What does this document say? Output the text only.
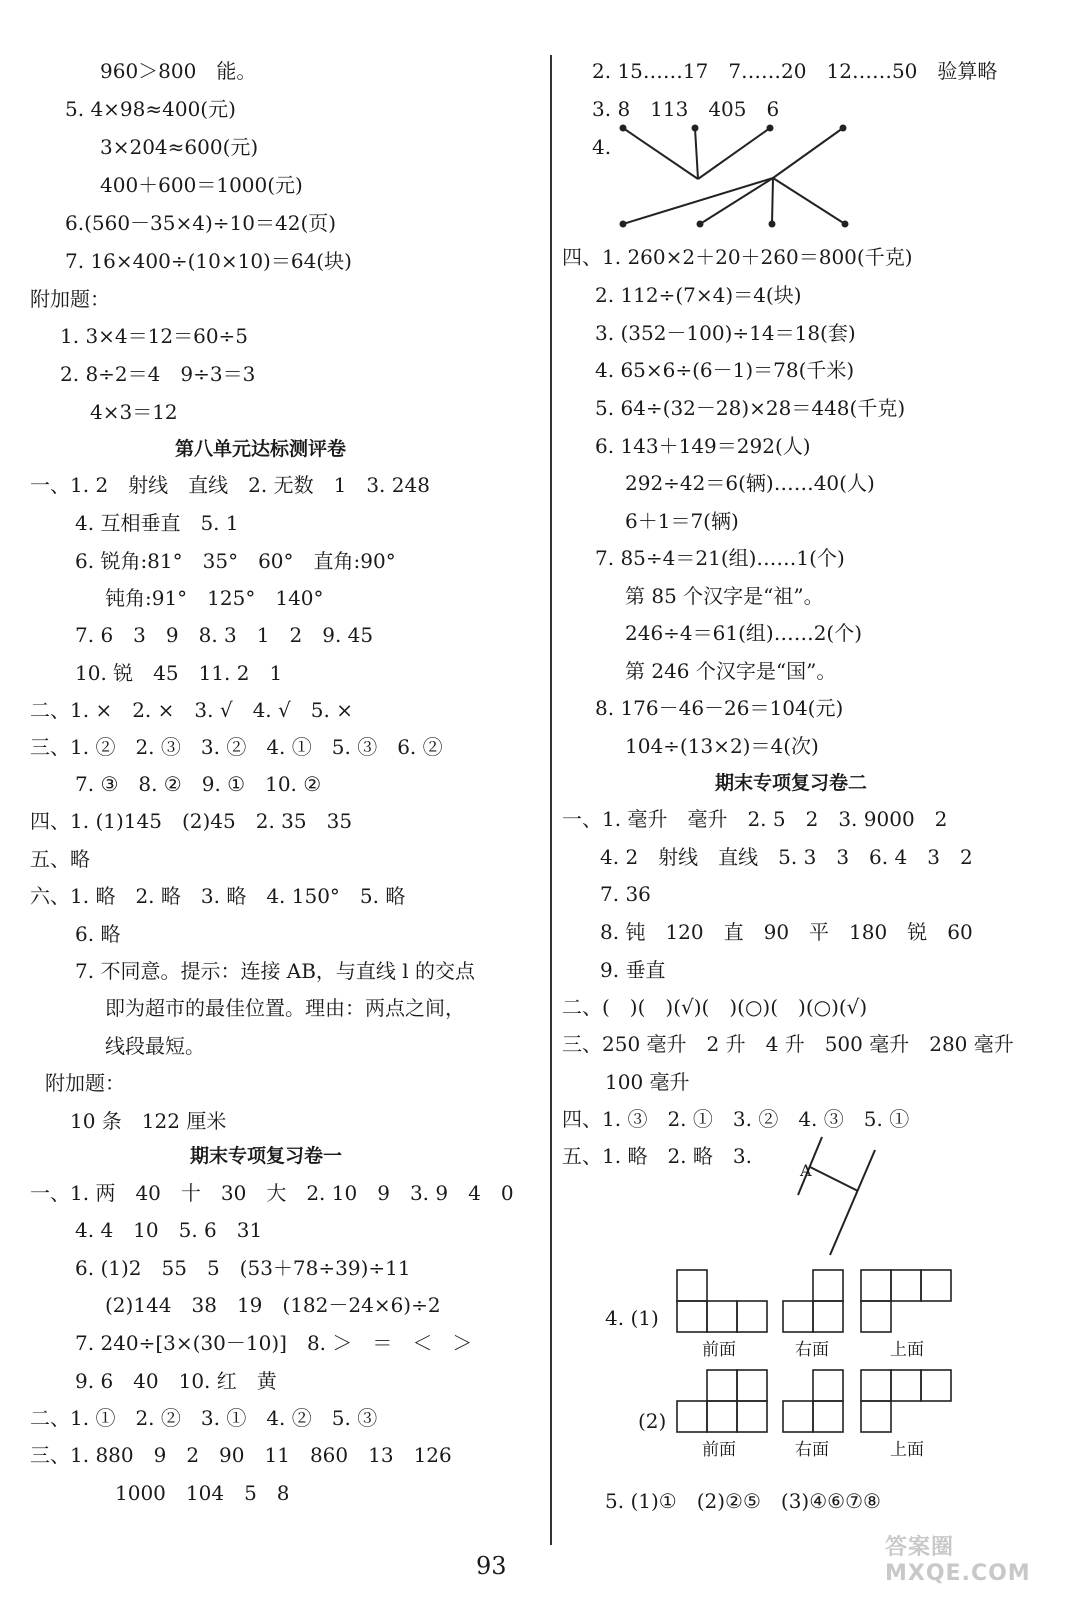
960＞800　能。
5. 4×98≈400(元)
3×204≈600(元)
400＋600＝1000(元)
6.(560－35×4)÷10＝42(页)
7. 16×400÷(10×10)＝64(块)
附加题：
1. 3×4＝12＝60÷5
2. 8÷2＝4　9÷3＝3
4×3＝12
第八单元达标测评卷
一、1. 2　射线　直线　2. 无数　1　3. 248
4. 互相垂直　5. 1
6. 锐角:81°　35°　60°　直角:90°
钝角:91°　125°　140°
7. 6　3　9　8. 3　1　2　9. 45
10. 锐　45　11. 2　1
二、1. ×　2. ×　3. √　4. √　5. ×
三、1. ②　2. ③　3. ②　4. ①　5. ③　6. ②
7. ③　8. ②　9. ①　10. ②
四、1. (1)145　(2)45　2. 35　35
五、略
六、1. 略　2. 略　3. 略　4. 150°　5. 略
6. 略
7. 不同意。提示：连接 AB，与直线 l 的交点
即为超市的最佳位置。理由：两点之间，
线段最短。
附加题：
10 条　122 厘米
期末专项复习卷一
一、1. 两　40　十　30　大　2. 10　9　3. 9　4　0
4. 4　10　5. 6　31
6. (1)2　55　5　(53＋78÷39)÷11
(2)144　38　19　(182－24×6)÷2
7. 240÷[3×(30－10)]　8. ＞　＝　＜　＞
9. 6　40　10. 红　黄
二、1. ①　2. ②　3. ①　4. ②　5. ③
三、1. 880　9　2　90　11　860　13　126
1000　104　5　8
2. 15……17　7……20　12……50　验算略
3. 8　113　405　6
4.
四、1. 260×2＋20＋260＝800(千克)
2. 112÷(7×4)＝4(块)
3. (352－100)÷14＝18(套)
4. 65×6÷(6－1)＝78(千米)
5. 64÷(32－28)×28＝448(千克)
6. 143＋149＝292(人)
292÷42＝6(辆)……40(人)
6＋1＝7(辆)
7. 85÷4＝21(组)……1(个)
第 85 个汉字是“祖”。
246÷4＝61(组)……2(个)
第 246 个汉字是“国”。
8. 176－46－26＝104(元)
104÷(13×2)＝4(次)
期末专项复习卷二
一、1. 毫升　毫升　2. 5　2　3. 9000　2
4. 2　射线　直线　5. 3　3　6. 4　3　2
7. 36
8. 钝　120　直　90　平　180　锐　60
9. 垂直
二、(　)(　)(√)(　)(○)(　)(○)(√)
三、250 毫升　2 升　4 升　500 毫升　280 毫升
100 毫升
四、1. ③　2. ①　3. ②　4. ③　5. ①
五、1. 略　2. 略　3.
4. (1)
(2)
5. (1)①　(2)②⑤　(3)④⑥⑦⑧
A
前面	右面	上面
前面	右面	上面
93
答案圈 MXQE.COM
